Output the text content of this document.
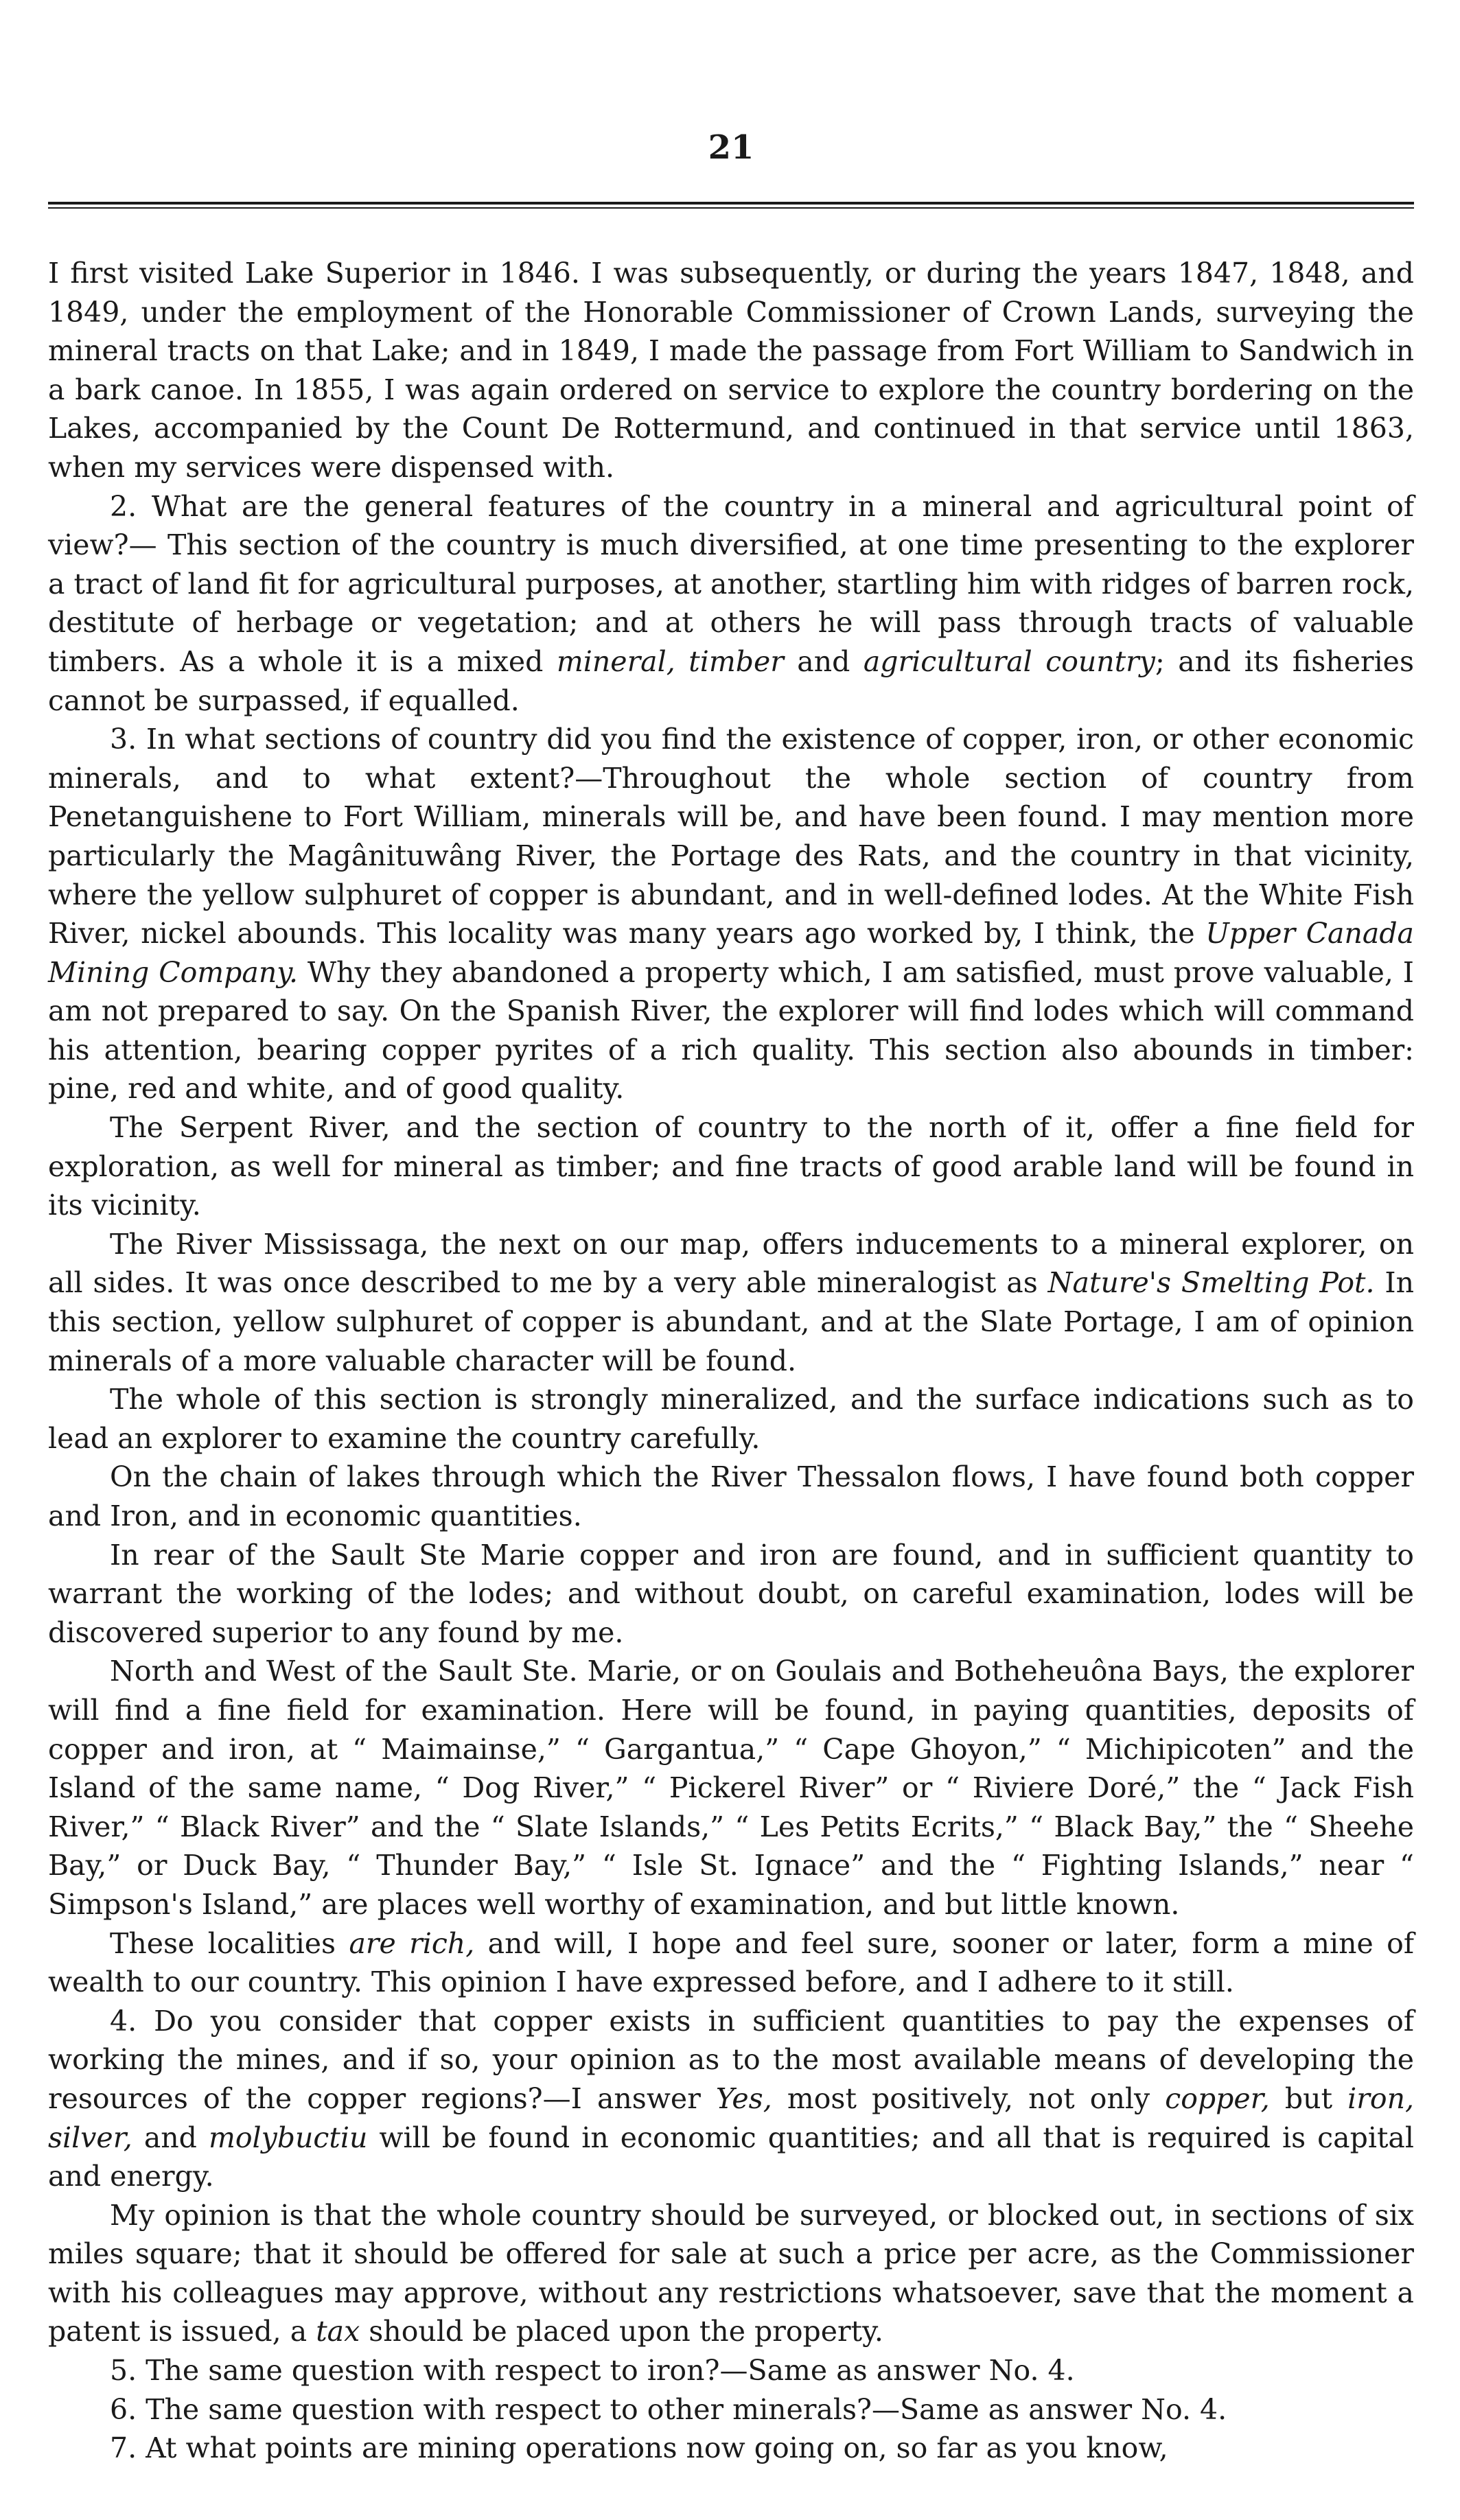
21

I first visited Lake Superior in 1846. I was subsequently, or during the years 1847, 1848, and 1849, under the employment of the Honorable Commissioner of Crown Lands, surveying the mineral tracts on that Lake; and in 1849, I made the passage from Fort William to Sandwich in a bark canoe. In 1855, I was again ordered on service to explore the country bordering on the Lakes, accompanied by the Count De Rottermund, and continued in that service until 1863, when my services were dispensed with.

2. What are the general features of the country in a mineral and agricultural point of view?— This section of the country is much diversified, at one time presenting to the explorer a tract of land fit for agricultural purposes, at another, startling him with ridges of barren rock, destitute of herbage or vegetation; and at others he will pass through tracts of valuable timbers. As a whole it is a mixed mineral, timber and agricultural country; and its fisheries cannot be surpassed, if equalled.

3. In what sections of country did you find the existence of copper, iron, or other economic minerals, and to what extent?—Throughout the whole section of country from Penetanguishene to Fort William, minerals will be, and have been found. I may mention more particularly the Magânituwâng River, the Portage des Rats, and the country in that vicinity, where the yellow sulphuret of copper is abundant, and in well-defined lodes. At the White Fish River, nickel abounds. This locality was many years ago worked by, I think, the Upper Canada Mining Company. Why they abandoned a property which, I am satisfied, must prove valuable, I am not prepared to say. On the Spanish River, the explorer will find lodes which will command his attention, bearing copper pyrites of a rich quality. This section also abounds in timber: pine, red and white, and of good quality.

The Serpent River, and the section of country to the north of it, offer a fine field for exploration, as well for mineral as timber; and fine tracts of good arable land will be found in its vicinity.

The River Mississaga, the next on our map, offers inducements to a mineral explorer, on all sides. It was once described to me by a very able mineralogist as Nature's Smelting Pot. In this section, yellow sulphuret of copper is abundant, and at the Slate Portage, I am of opinion minerals of a more valuable character will be found.

The whole of this section is strongly mineralized, and the surface indications such as to lead an explorer to examine the country carefully.

On the chain of lakes through which the River Thessalon flows, I have found both copper and Iron, and in economic quantities.

In rear of the Sault Ste Marie copper and iron are found, and in sufficient quantity to warrant the working of the lodes; and without doubt, on careful examination, lodes will be discovered superior to any found by me.

North and West of the Sault Ste. Marie, or on Goulais and Botheheuôna Bays, the explorer will find a fine field for examination. Here will be found, in paying quantities, deposits of copper and iron, at “ Maimainse,” “ Gargantua,” “ Cape Ghoyon,” “ Michipicoten” and the Island of the same name, “ Dog River,” “ Pickerel River” or “ Riviere Doré,” the “ Jack Fish River,” “ Black River” and the “ Slate Islands,” “ Les Petits Ecrits,” “ Black Bay,” the “ Sheehe Bay,” or Duck Bay, “ Thunder Bay,” “ Isle St. Ignace” and the “ Fighting Islands,” near “ Simpson's Island,” are places well worthy of examination, and but little known.

These localities are rich, and will, I hope and feel sure, sooner or later, form a mine of wealth to our country. This opinion I have expressed before, and I adhere to it still.

4. Do you consider that copper exists in sufficient quantities to pay the expenses of working the mines, and if so, your opinion as to the most available means of developing the resources of the copper regions?—I answer Yes, most positively, not only copper, but iron, silver, and molybuctiu will be found in economic quantities; and all that is required is capital and energy.

My opinion is that the whole country should be surveyed, or blocked out, in sections of six miles square; that it should be offered for sale at such a price per acre, as the Commissioner with his colleagues may approve, without any restrictions whatsoever, save that the moment a patent is issued, a tax should be placed upon the property.

5. The same question with respect to iron?—Same as answer No. 4.

6. The same question with respect to other minerals?—Same as answer No. 4.

7. At what points are mining operations now going on, so far as you know,
